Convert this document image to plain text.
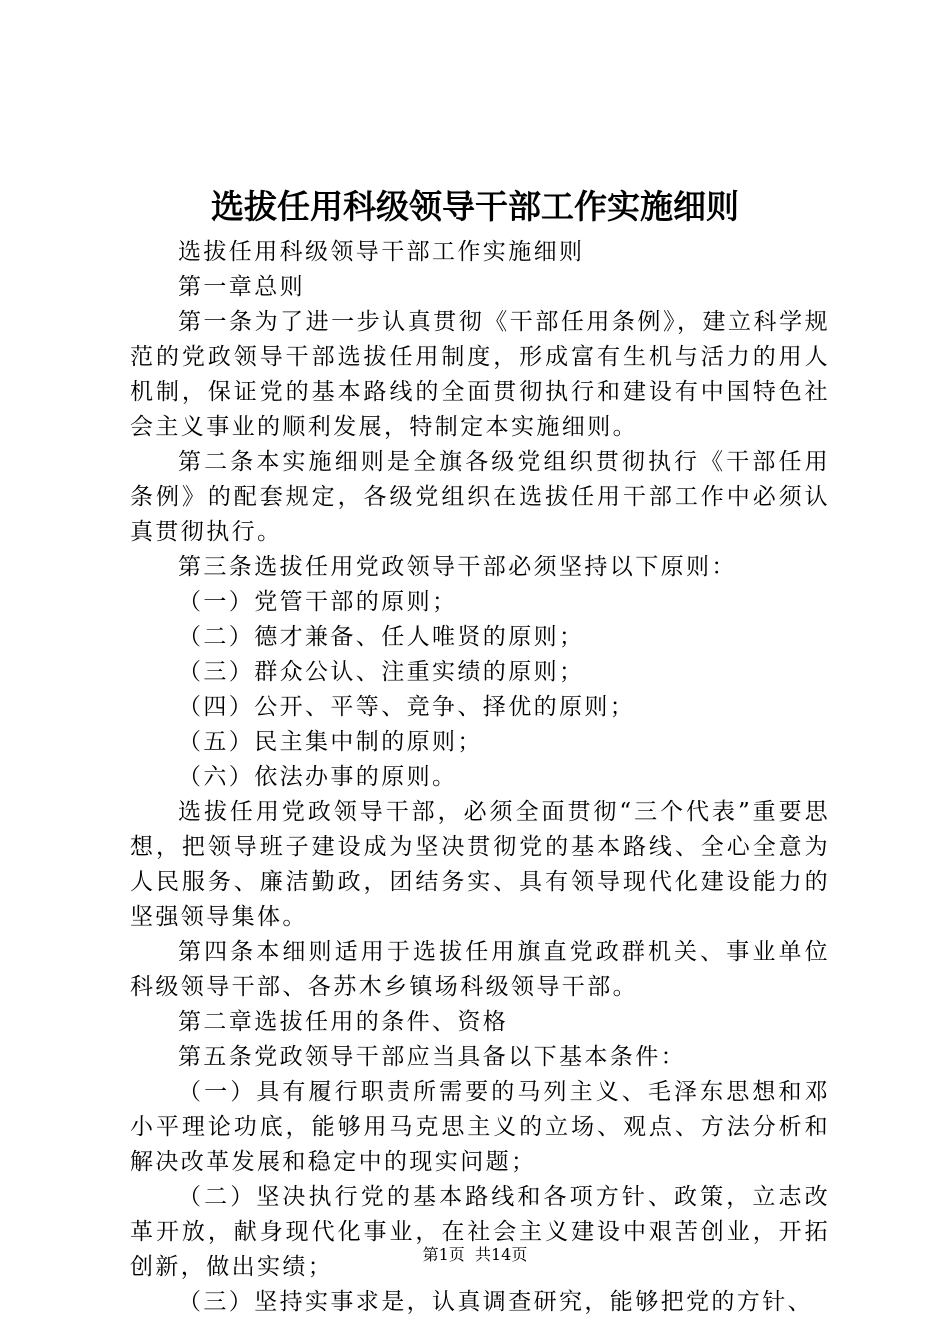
选拔任用科级领导干部工作实施细则

选拔任用科级领导干部工作实施细则

第一章总则

第一条为了进一步认真贯彻《干部任用条例》，建立科学规范的党政领导干部选拔任用制度，形成富有生机与活力的用人机制，保证党的基本路线的全面贯彻执行和建设有中国特色社会主义事业的顺利发展，特制定本实施细则。

第二条本实施细则是全旗各级党组织贯彻执行《干部任用条例》的配套规定，各级党组织在选拔任用干部工作中必须认真贯彻执行。

第三条选拔任用党政领导干部必须坚持以下原则：

（一）党管干部的原则；

（二）德才兼备、任人唯贤的原则；

（三）群众公认、注重实绩的原则；

（四）公开、平等、竞争、择优的原则；

（五）民主集中制的原则；

（六）依法办事的原则。

选拔任用党政领导干部，必须全面贯彻“三个代表”重要思想，把领导班子建设成为坚决贯彻党的基本路线、全心全意为人民服务、廉洁勤政，团结务实、具有领导现代化建设能力的坚强领导集体。

第四条本细则适用于选拔任用旗直党政群机关、事业单位科级领导干部、各苏木乡镇场科级领导干部。

第二章选拔任用的条件、资格

第五条党政领导干部应当具备以下基本条件：

（一）具有履行职责所需要的马列主义、毛泽东思想和邓小平理论功底，能够用马克思主义的立场、观点、方法分析和解决改革发展和稳定中的现实问题；

（二）坚决执行党的基本路线和各项方针、政策，立志改革开放，献身现代化事业，在社会主义建设中艰苦创业，开拓创新，做出实绩；

（三）坚持实事求是，认真调查研究，能够把党的方针、

第1页 共14页
